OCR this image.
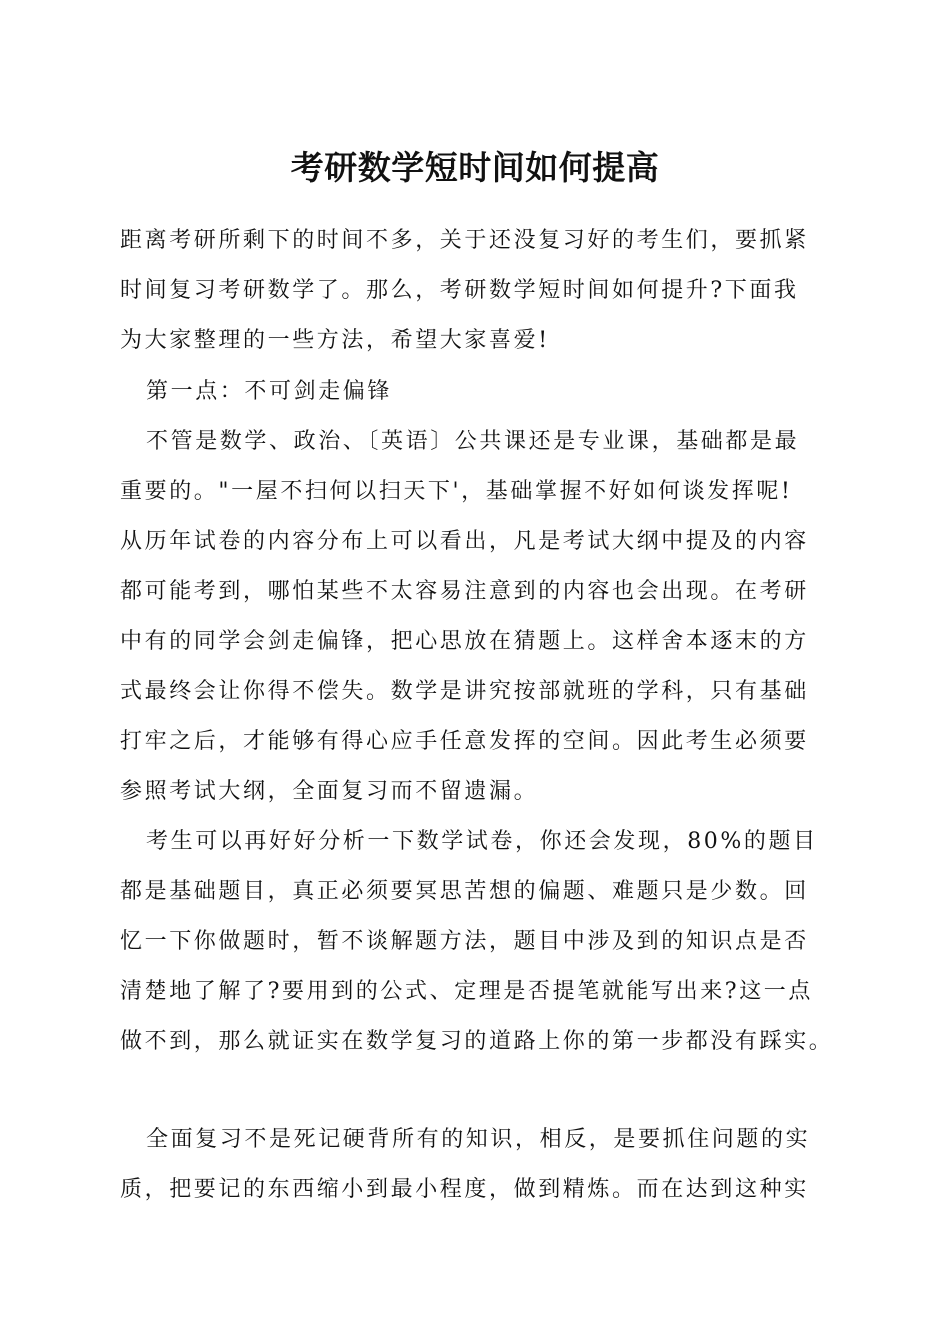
考研数学短时间如何提高
距离考研所剩下的时间不多，关于还没复习好的考生们，要抓紧
时间复习考研数学了。那么，考研数学短时间如何提升?下面我
为大家整理的一些方法，希望大家喜爱!
第一点：不可剑走偏锋
不管是数学、政治、〔英语〕公共课还是专业课，基础都是最
重要的。"一屋不扫何以扫天下'，基础掌握不好如何谈发挥呢!
从历年试卷的内容分布上可以看出，凡是考试大纲中提及的内容
都可能考到，哪怕某些不太容易注意到的内容也会出现。在考研
中有的同学会剑走偏锋，把心思放在猜题上。这样舍本逐末的方
式最终会让你得不偿失。数学是讲究按部就班的学科，只有基础
打牢之后，才能够有得心应手任意发挥的空间。因此考生必须要
参照考试大纲，全面复习而不留遗漏。
考生可以再好好分析一下数学试卷，你还会发现，80%的题目
都是基础题目，真正必须要冥思苦想的偏题、难题只是少数。回
忆一下你做题时，暂不谈解题方法，题目中涉及到的知识点是否
清楚地了解了?要用到的公式、定理是否提笔就能写出来?这一点
做不到，那么就证实在数学复习的道路上你的第一步都没有踩实。
全面复习不是死记硬背所有的知识，相反，是要抓住问题的实
质，把要记的东西缩小到最小程度，做到精炼。而在达到这种实
